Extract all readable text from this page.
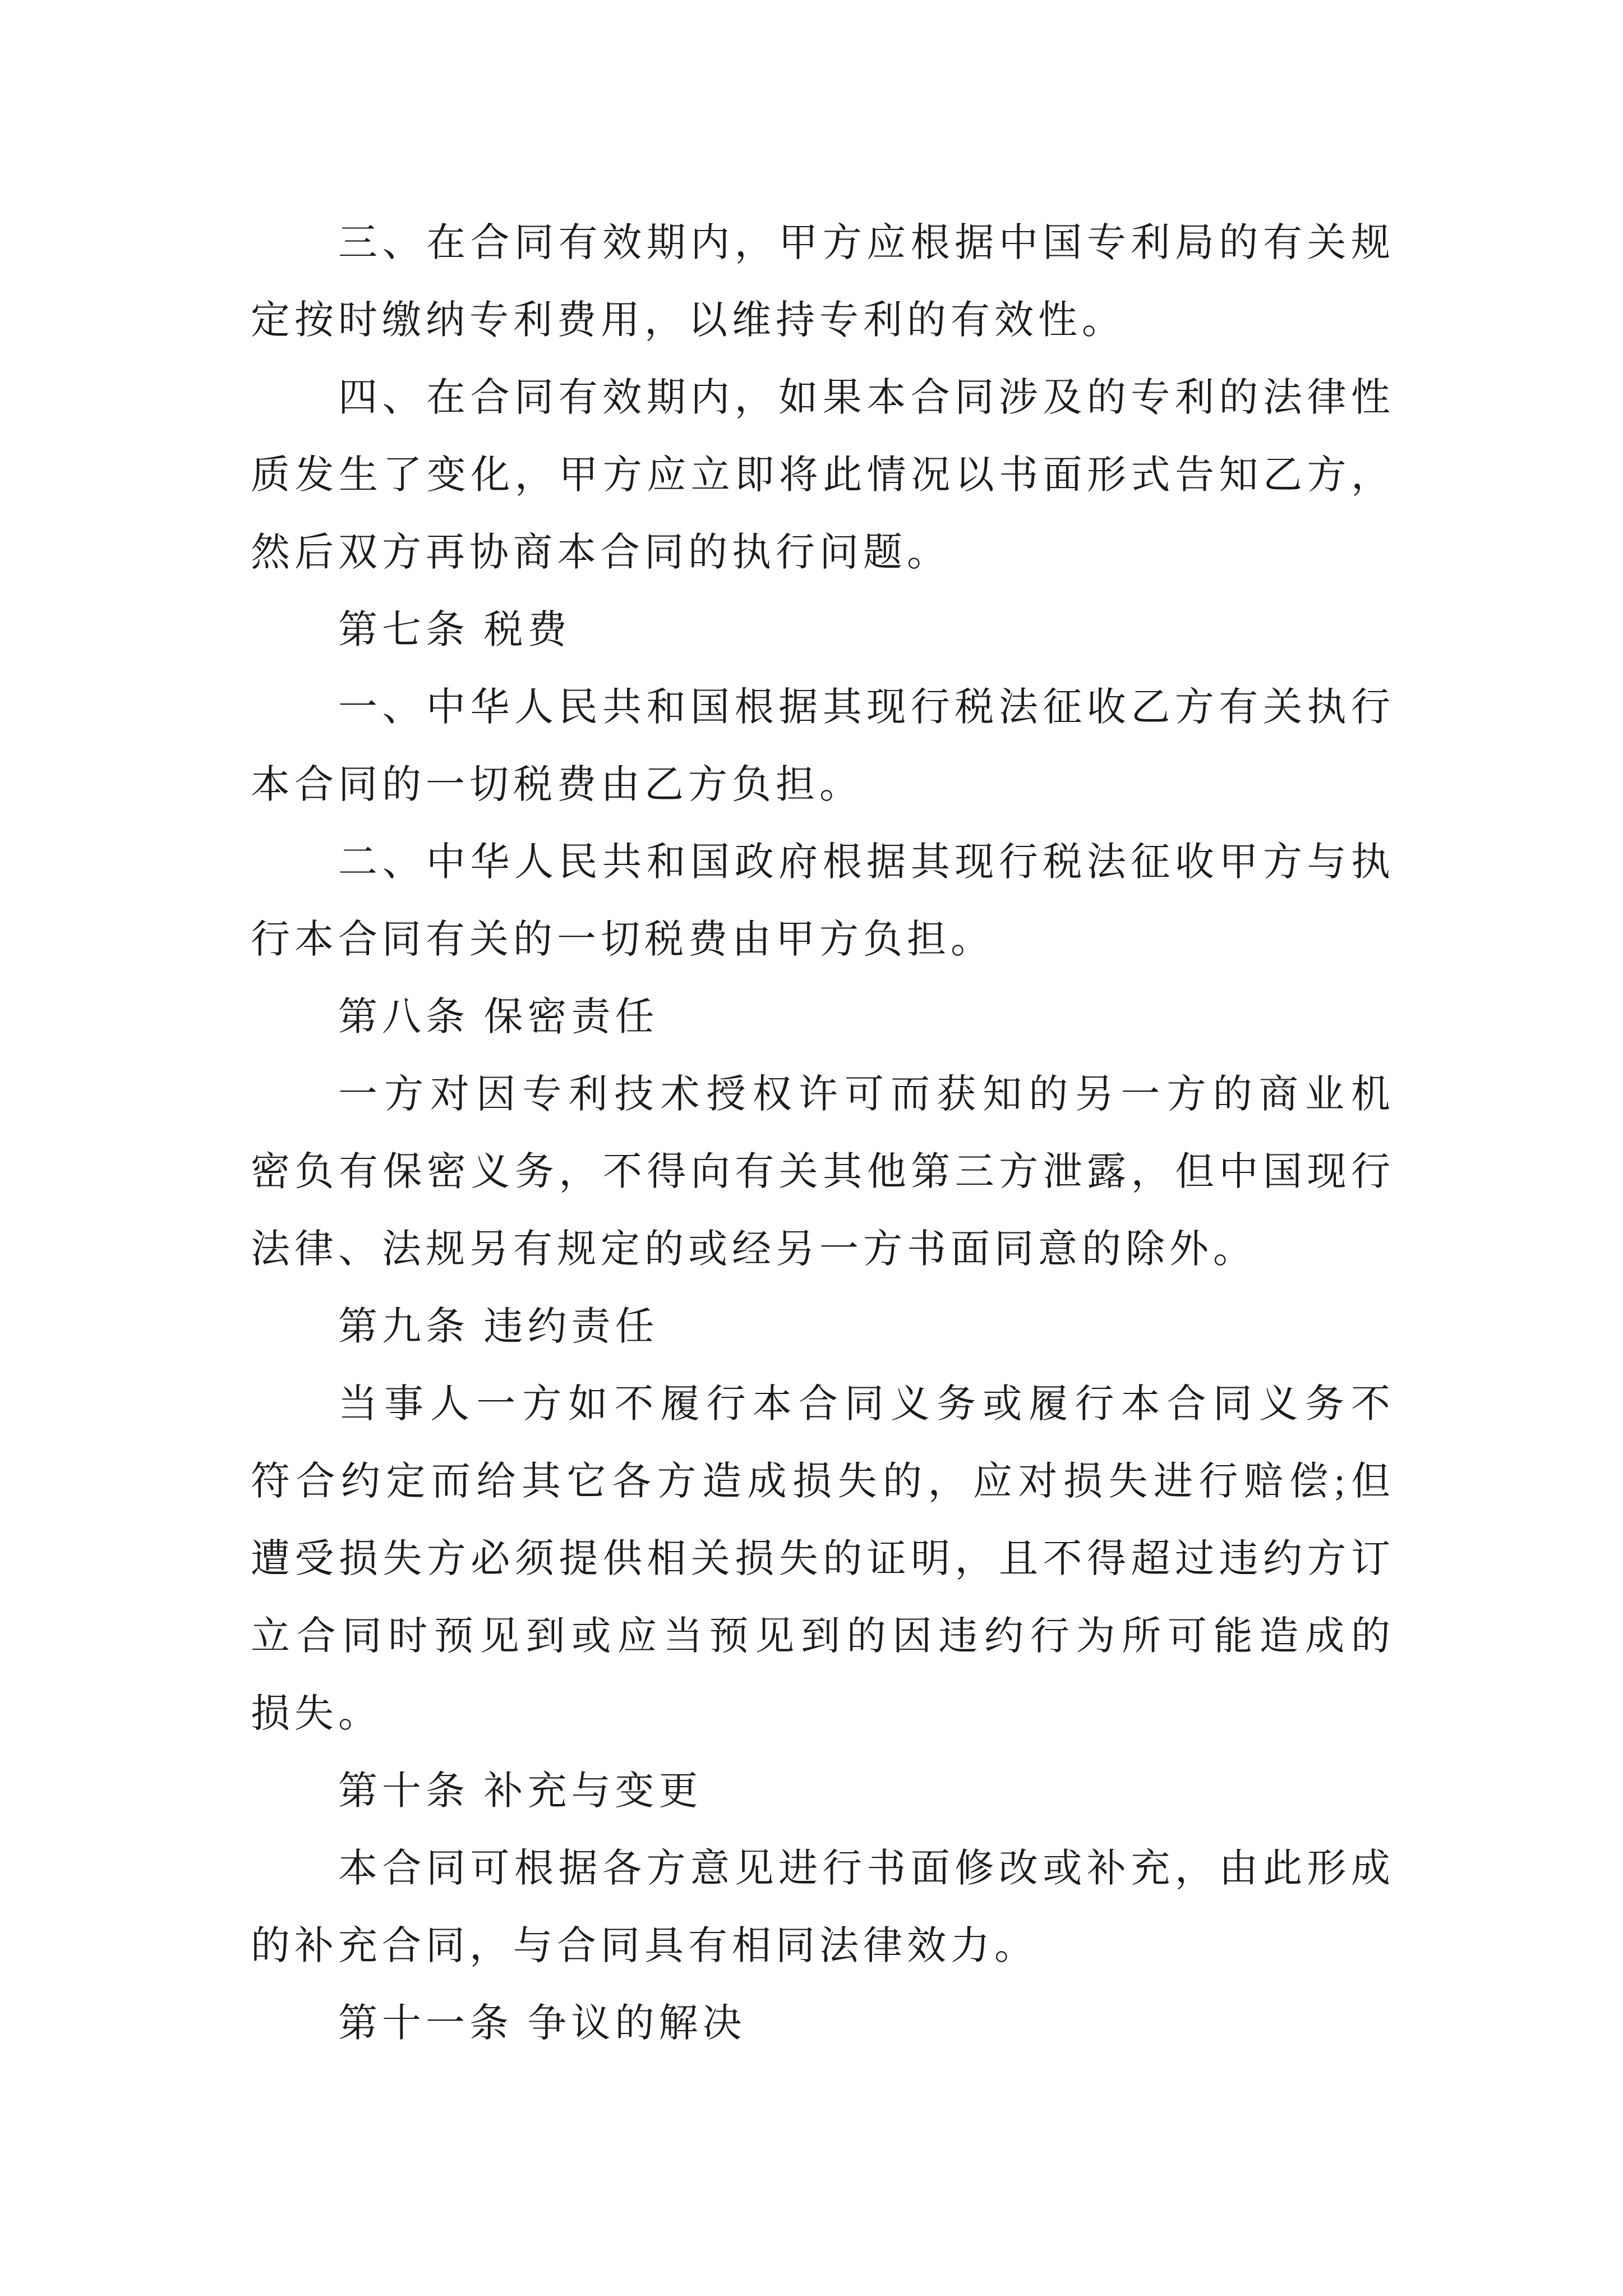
三、在合同有效期内，甲方应根据中国专利局的有关规
定按时缴纳专利费用，以维持专利的有效性。
四、在合同有效期内，如果本合同涉及的专利的法律性
质发生了变化，甲方应立即将此情况以书面形式告知乙方，
然后双方再协商本合同的执行问题。
第七条 税费
一、中华人民共和国根据其现行税法征收乙方有关执行
本合同的一切税费由乙方负担。
二、中华人民共和国政府根据其现行税法征收甲方与执
行本合同有关的一切税费由甲方负担。
第八条 保密责任
一方对因专利技术授权许可而获知的另一方的商业机
密负有保密义务，不得向有关其他第三方泄露，但中国现行
法律、法规另有规定的或经另一方书面同意的除外。
第九条 违约责任
当事人一方如不履行本合同义务或履行本合同义务不
符合约定而给其它各方造成损失的，应对损失进行赔偿;但
遭受损失方必须提供相关损失的证明，且不得超过违约方订
立合同时预见到或应当预见到的因违约行为所可能造成的
损失。
第十条 补充与变更
本合同可根据各方意见进行书面修改或补充，由此形成
的补充合同，与合同具有相同法律效力。
第十一条 争议的解决
